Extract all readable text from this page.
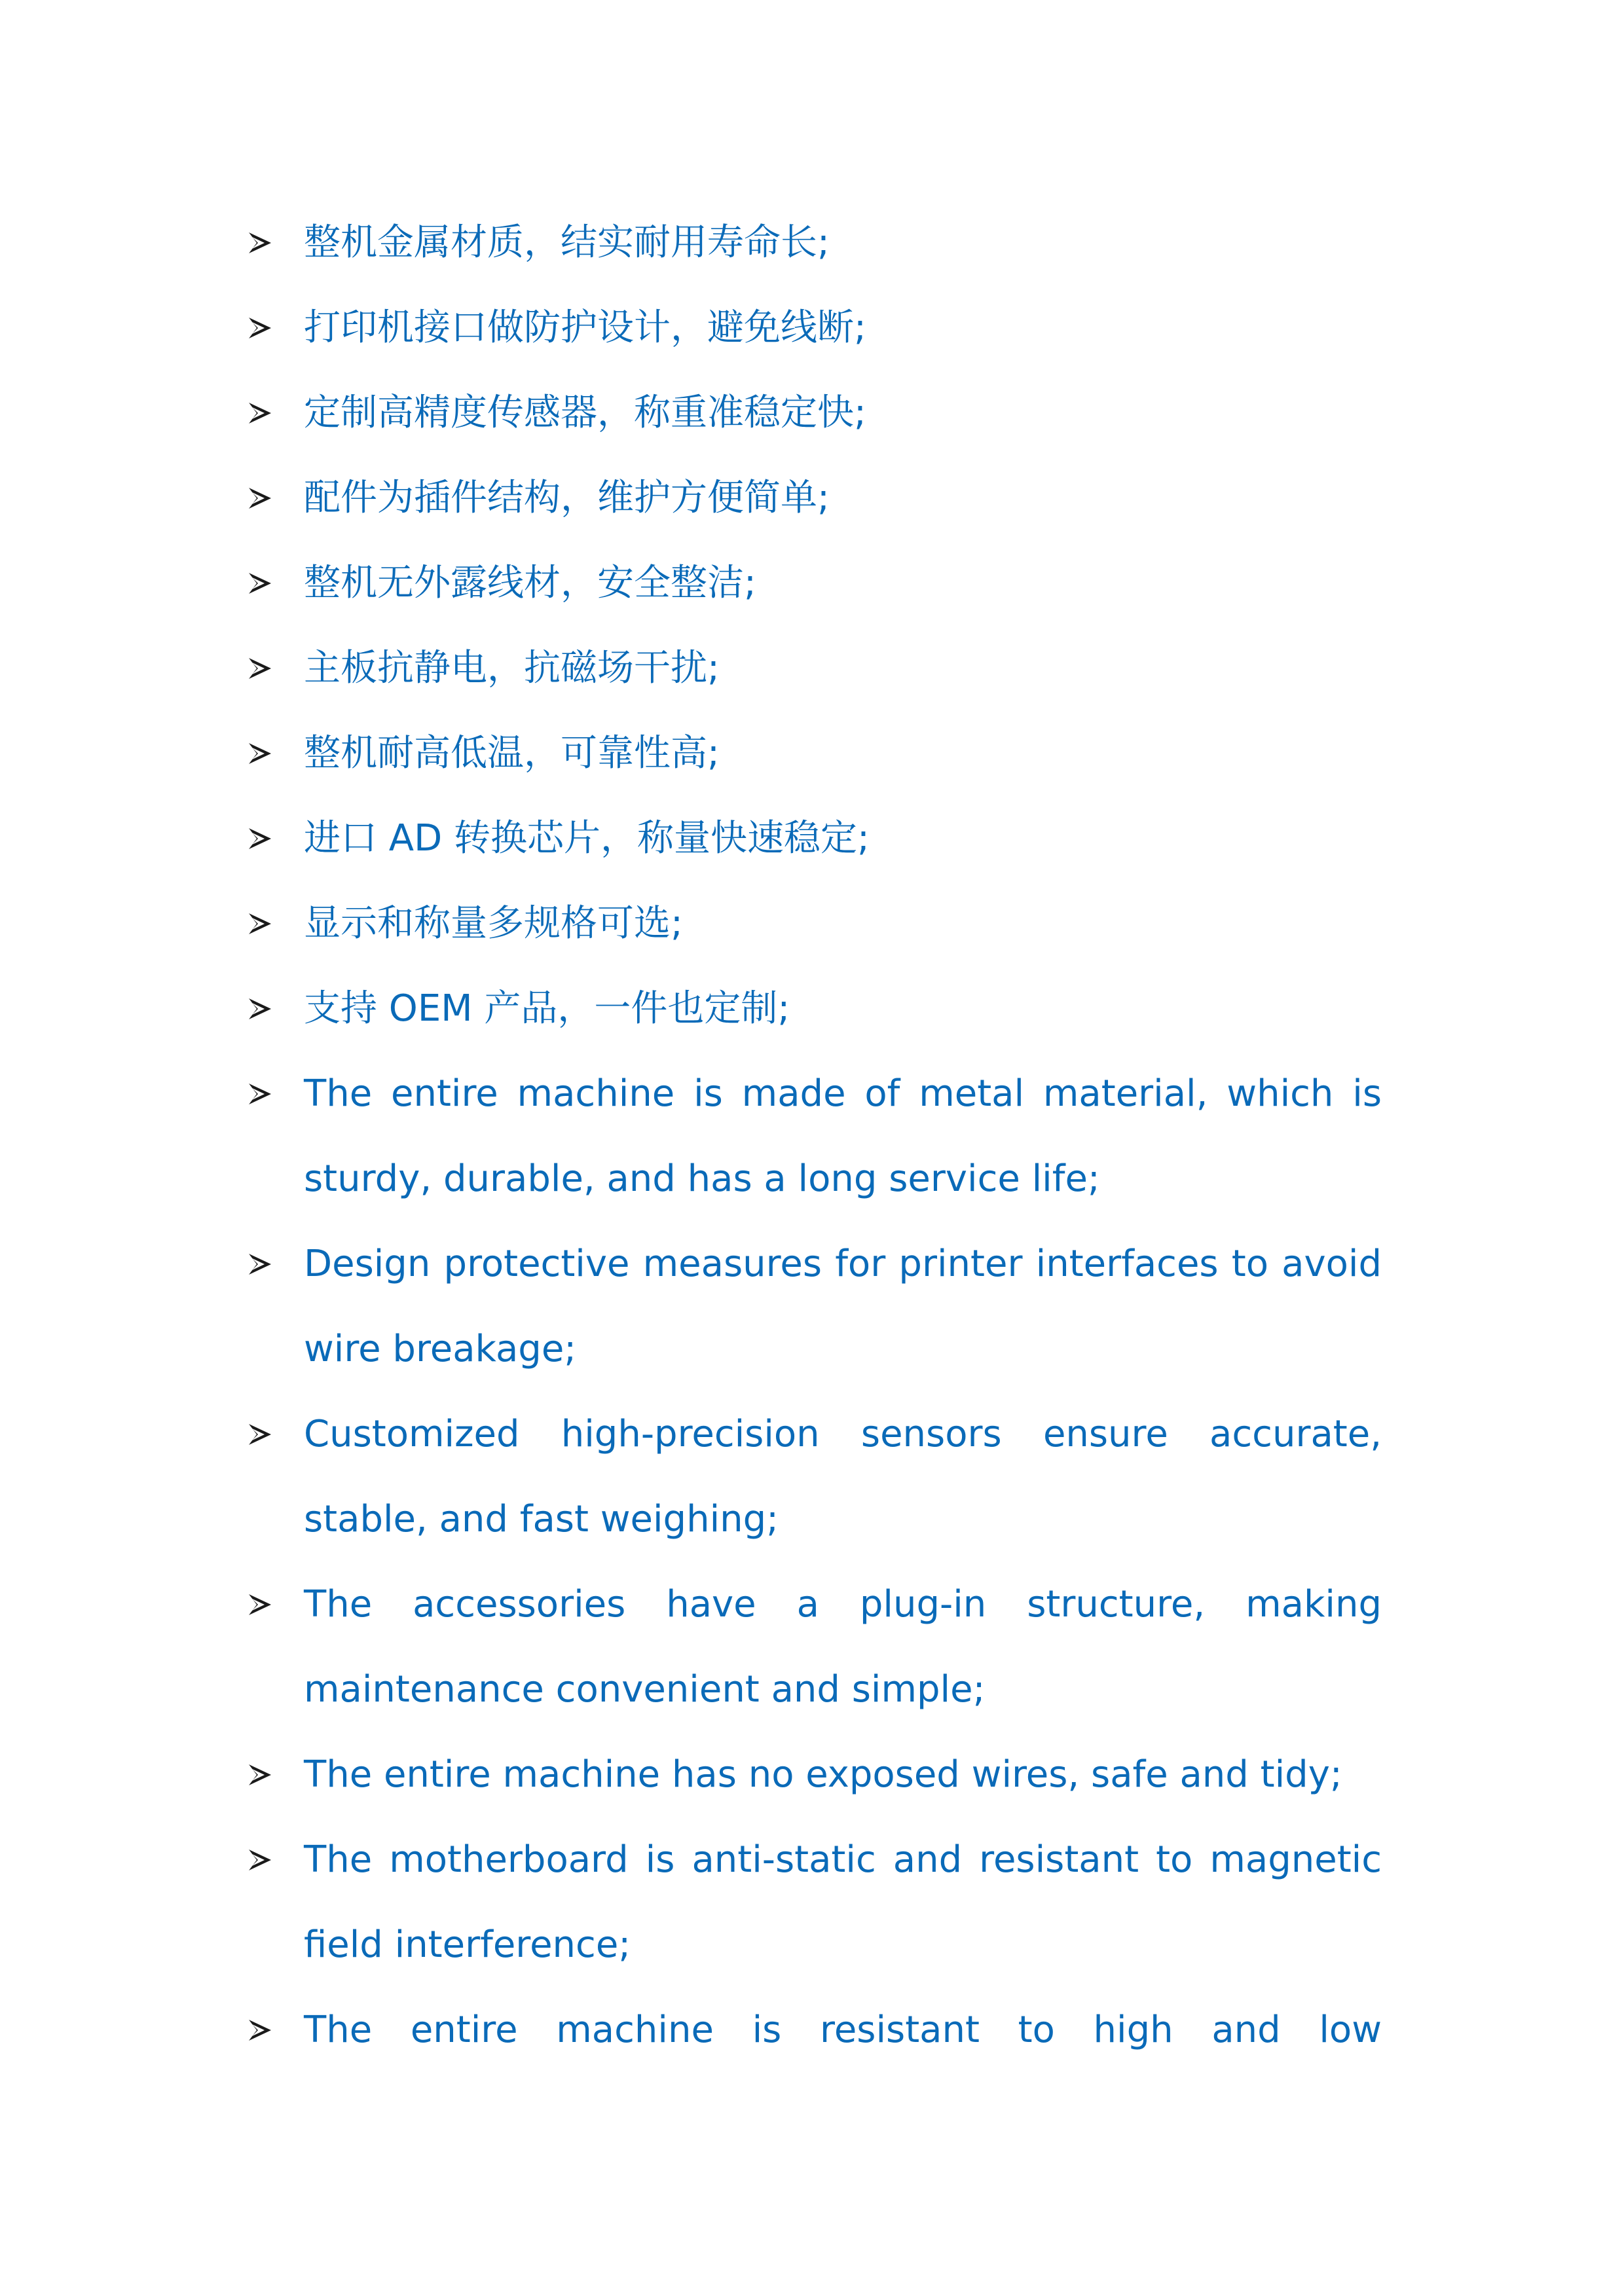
整机金属材质，结实耐用寿命长;
打印机接口做防护设计，避免线断;
定制高精度传感器，称重准稳定快;
配件为插件结构，维护方便简单;
整机无外露线材，安全整洁;
主板抗静电，抗磁场干扰;
整机耐高低温，可靠性高;
进口 AD 转换芯片，称量快速稳定;
显示和称量多规格可选;
支持 OEM 产品，一件也定制;
The entire machine is made of metal material, which is sturdy, durable, and has a long service life;
Design protective measures for printer interfaces to avoid wire breakage;
Customized high-precision sensors ensure accurate, stable, and fast weighing;
The accessories have a plug-in structure, making maintenance convenient and simple;
The entire machine has no exposed wires, safe and tidy;
The motherboard is anti-static and resistant to magnetic field interference;
The entire machine is resistant to high and low
